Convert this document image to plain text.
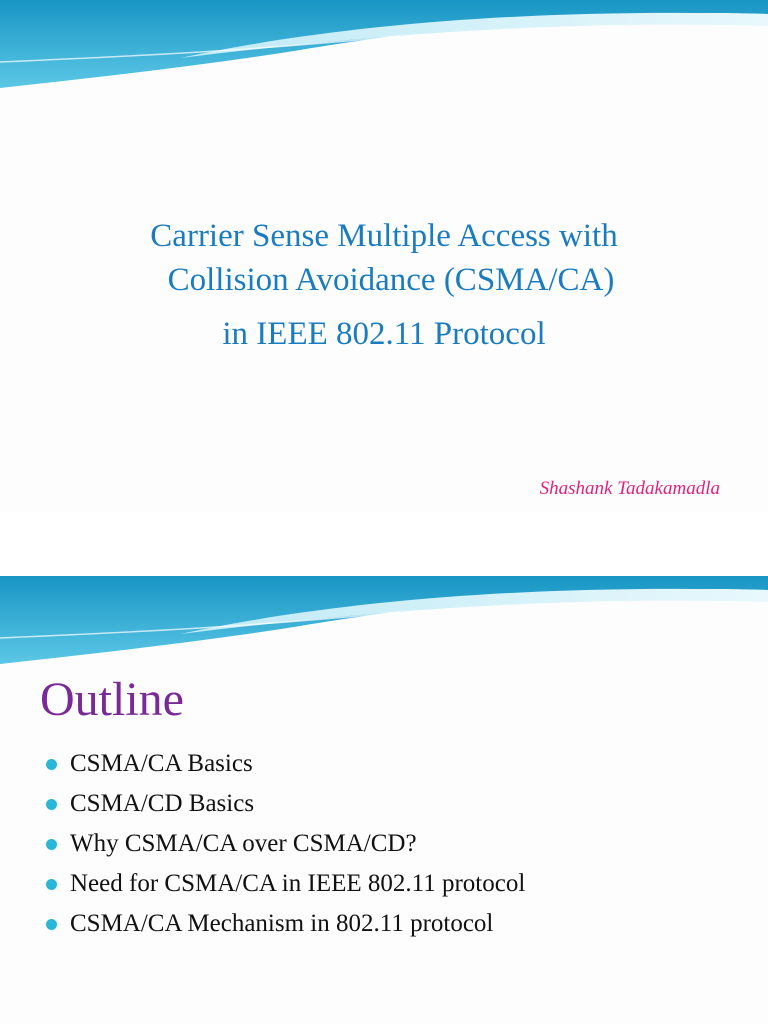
Carrier Sense Multiple Access with
Collision Avoidance (CSMA/CA)
in IEEE 802.11 Protocol
Shashank Tadakamadla
Outline
CSMA/CA Basics
CSMA/CD Basics
Why CSMA/CA over CSMA/CD?
Need for CSMA/CA in IEEE 802.11 protocol
CSMA/CA Mechanism in 802.11 protocol
